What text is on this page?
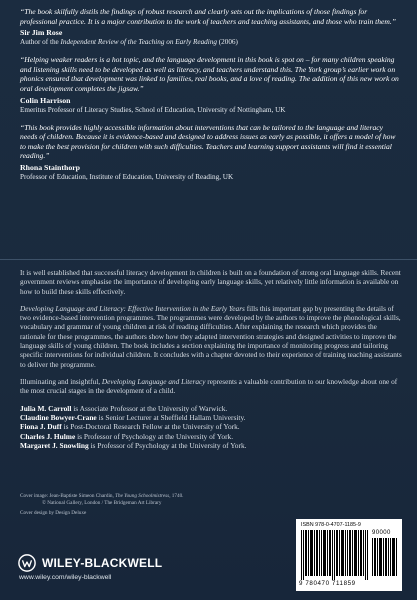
“The book skilfully distils the findings of robust research and clearly sets out the implications of those findings for professional practice. It is a major contribution to the work of teachers and teaching assistants, and those who train them.”

Sir Jim Rose
Author of the Independent Review of the Teaching on Early Reading (2006)

“Helping weaker readers is a hot topic, and the language development in this book is spot on – for many children speaking and listening skills need to be developed as well as literacy, and teachers understand this. The York group’s earlier work on phonics ensured that development was linked to families, real books, and a love of reading. The addition of this new work on oral development completes the jigsaw.”

Colin Harrison
Emeritus Professor of Literacy Studies, School of Education, University of Nottingham, UK

“This book provides highly accessible information about interventions that can be tailored to the language and literacy needs of children. Because it is evidence-based and designed to address issues as early as possible, it offers a model of how to make the best provision for children with such difficulties. Teachers and learning support assistants will find it essential reading.”

Rhona Stainthorp
Professor of Education, Institute of Education, University of Reading, UK

It is well established that successful literacy development in children is built on a foundation of strong oral language skills. Recent government reviews emphasise the importance of developing early language skills, yet relatively little information is available on how to build these skills effectively.

Developing Language and Literacy: Effective Intervention in the Early Years fills this important gap by presenting the details of two evidence-based intervention programmes. The programmes were developed by the authors to improve the phonological skills, vocabulary and grammar of young children at risk of reading difficulties. After explaining the research which provides the rationale for these programmes, the authors show how they adapted intervention strategies and designed activities to improve the language skills of young children. The book includes a section explaining the importance of monitoring progress and tailoring specific interventions for individual children. It concludes with a chapter devoted to their experience of training teaching assistants to deliver the programme.

Illuminating and insightful, Developing Language and Literacy represents a valuable contribution to our knowledge about one of the most crucial stages in the development of a child.

Julia M. Carroll is Associate Professor at the University of Warwick.
Claudine Bowyer-Crane is Senior Lecturer at Sheffield Hallam University.
Fiona J. Duff is Post-Doctoral Research Fellow at the University of York.
Charles J. Hulme is Professor of Psychology at the University of York.
Margaret J. Snowling is Professor of Psychology at the University of York.
Cover image: Jean-Baptiste Simeon Chardin, The Young Schoolmistress, 1740.
© National Gallery, London / The Bridgeman Art Library
Cover design by Design Deluxe
WILEY-BLACKWELL
www.wiley.com/wiley-blackwell
ISBN 978-0-4707-1185-9
90000
9 780470 711859
